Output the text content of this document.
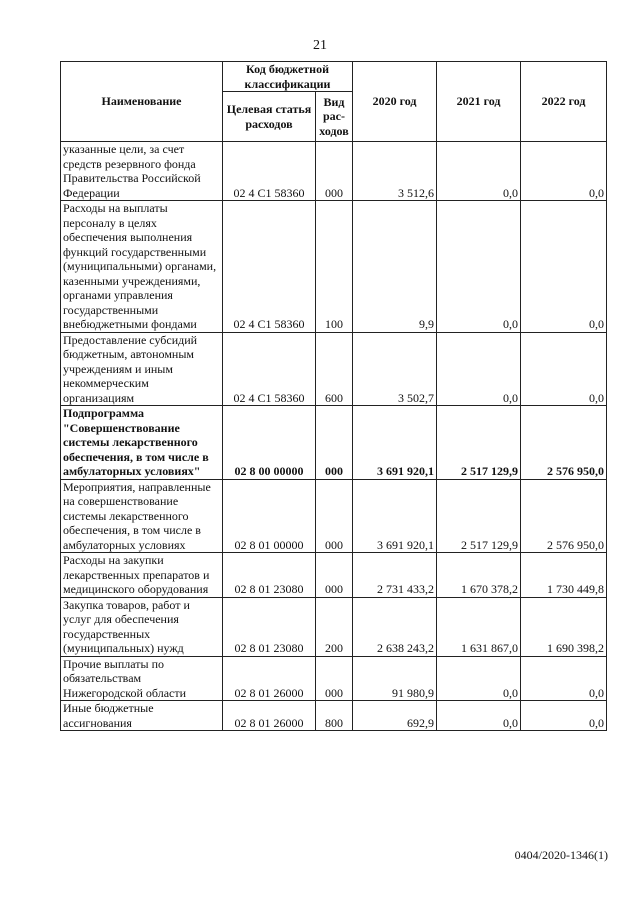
21
Наименование	Код бюджетной классификации		2020 год	2021 год	2022 год
	Целевая статья расходов	Вид рас-ходов			
указанные цели, за счет средств резервного фонда Правительства Российской Федерации	02 4 C1 58360	000	3 512,6	0,0	0,0
Расходы на выплаты персоналу в целях обеспечения выполнения функций государственными (муниципальными) органами, казенными учреждениями, органами управления государственными внебюджетными фондами	02 4 C1 58360	100	9,9	0,0	0,0
Предоставление субсидий бюджетным, автономным учреждениям и иным некоммерческим организациям	02 4 C1 58360	600	3 502,7	0,0	0,0
Подпрограмма "Совершенствование системы лекарственного обеспечения, в том числе в амбулаторных условиях"	02 8 00 00000	000	3 691 920,1	2 517 129,9	2 576 950,0
Мероприятия, направленные на совершенствование системы лекарственного обеспечения, в том числе в амбулаторных условиях	02 8 01 00000	000	3 691 920,1	2 517 129,9	2 576 950,0
Расходы на закупки лекарственных препаратов и медицинского оборудования	02 8 01 23080	000	2 731 433,2	1 670 378,2	1 730 449,8
Закупка товаров, работ и услуг для обеспечения государственных (муниципальных) нужд	02 8 01 23080	200	2 638 243,2	1 631 867,0	1 690 398,2
Прочие выплаты по обязательствам Нижегородской области	02 8 01 26000	000	91 980,9	0,0	0,0
Иные бюджетные ассигнования	02 8 01 26000	800	692,9	0,0	0,0
0404/2020-1346(1)
